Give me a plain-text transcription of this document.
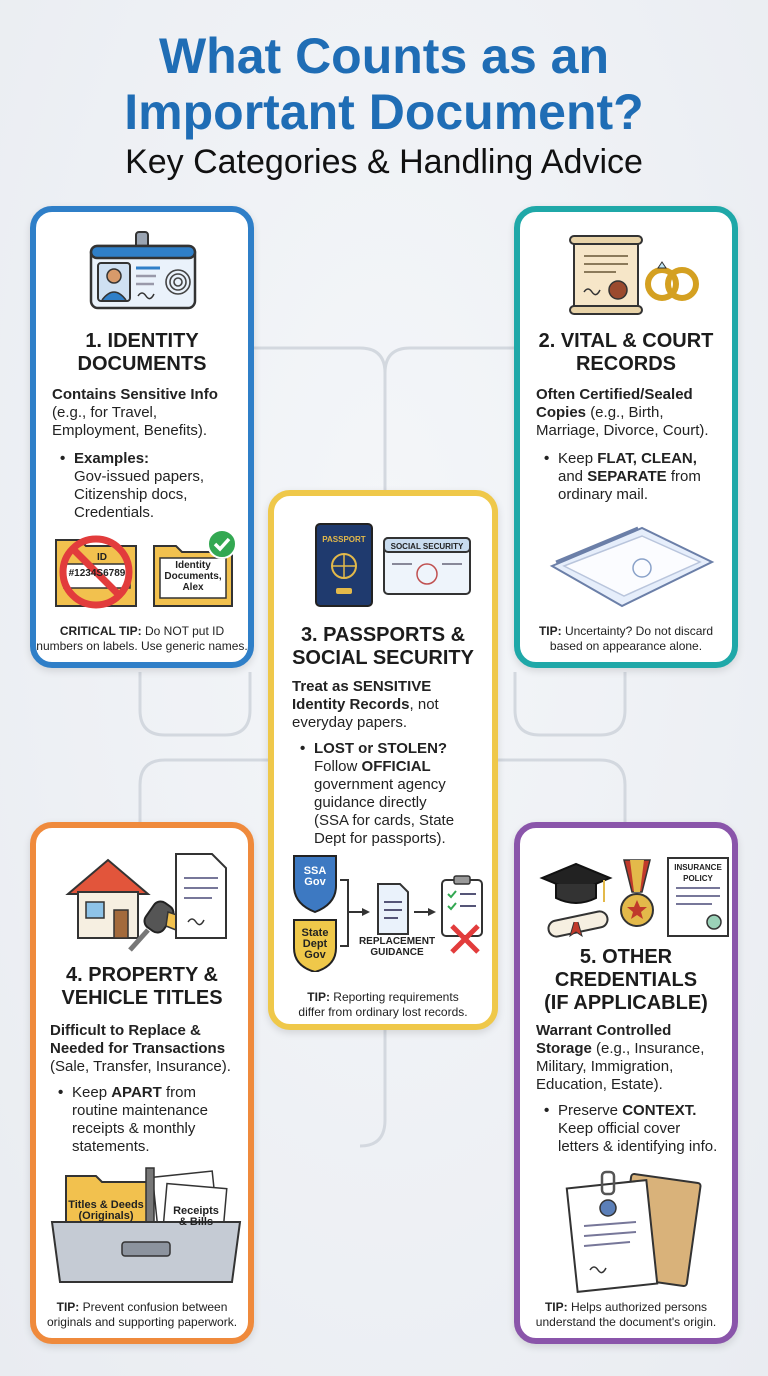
What Counts as an
Important Document?
Key Categories & Handling Advice
1. IDENTITY
DOCUMENTS
Contains Sensitive Info
(e.g., for Travel,
Employment, Benefits).
• Examples:
Gov-issued papers,
Citizenship docs,
Credentials.
ID
#1234S6789
Identity
Documents,
Alex
CRITICAL TIP: Do NOT put ID
numbers on labels. Use generic names.
2. VITAL & COURT
RECORDS
Often Certified/Sealed
Copies (e.g., Birth,
Marriage, Divorce, Court).
• Keep FLAT, CLEAN,
and SEPARATE from
ordinary mail.
TIP: Uncertainty? Do not discard
based on appearance alone.
PASSPORT
SOCIAL SECURITY
3. PASSPORTS &
SOCIAL SECURITY
Treat as SENSITIVE
Identity Records, not
everyday papers.
• LOST or STOLEN?
Follow OFFICIAL
government agency
guidance directly
(SSA for cards, State
Dept for passports).
SSA
Gov
State
Dept
Gov
REPLACEMENT
GUIDANCE
TIP: Reporting requirements
differ from ordinary lost records.
4. PROPERTY &
VEHICLE TITLES
Difficult to Replace &
Needed for Transactions
(Sale, Transfer, Insurance).
• Keep APART from
routine maintenance
receipts & monthly
statements.
Titles & Deeds
(Originals)	Receipts
& Bills
TIP: Prevent confusion between
originals and supporting paperwork.
INSURANCE
POLICY
5. OTHER
CREDENTIALS
(IF APPLICABLE)
Warrant Controlled
Storage (e.g., Insurance,
Military, Immigration,
Education, Estate).
• Preserve CONTEXT.
Keep official cover
letters & identifying info.
TIP: Helps authorized persons
understand the document's origin.
